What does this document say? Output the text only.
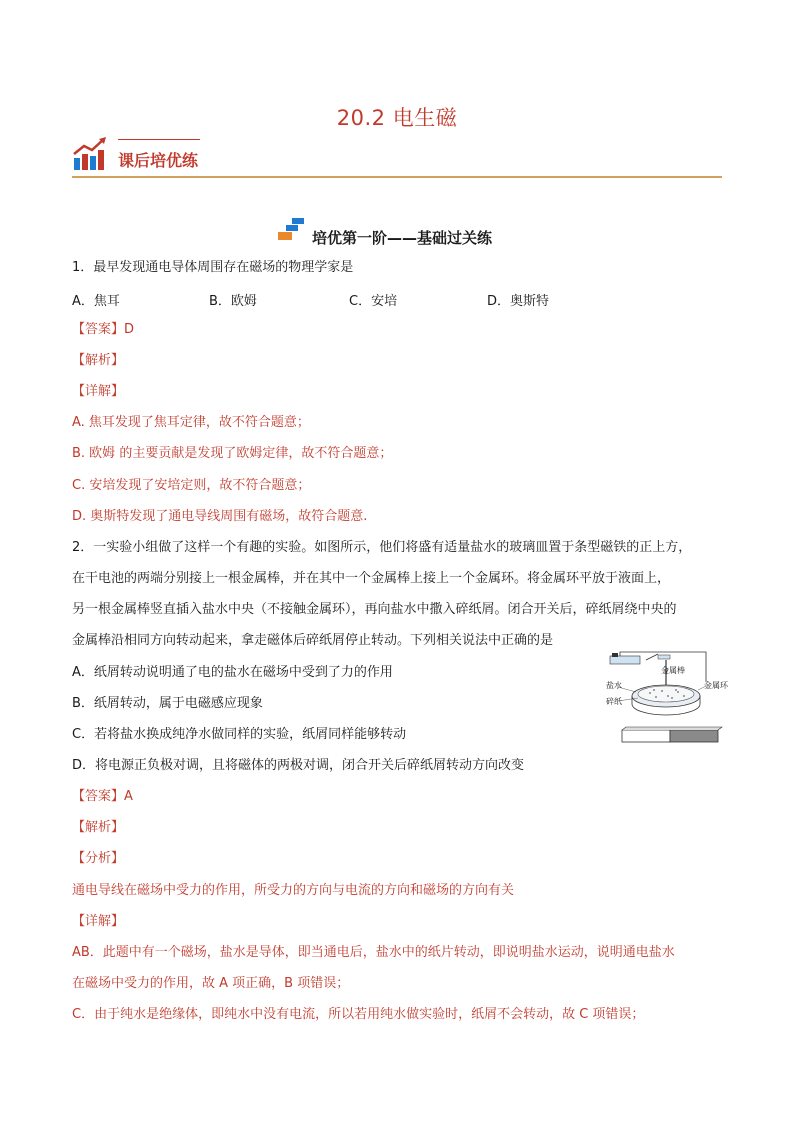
20.2 电生磁
课后培优练
培优第一阶——基础过关练
1．最早发现通电导体周围存在磁场的物理学家是
A．焦耳	B．欧姆	C．安培	D．奥斯特
【答案】D
【解析】
【详解】
A. 焦耳发现了焦耳定律，故不符合题意；
B. 欧姆 的主要贡献是发现了欧姆定律，故不符合题意；
C. 安培发现了安培定则，故不符合题意；
D. 奥斯特发现了通电导线周围有磁场，故符合题意.
2．一实验小组做了这样一个有趣的实验。如图所示，他们将盛有适量盐水的玻璃皿置于条型磁铁的正上方，
在干电池的两端分别接上一根金属棒，并在其中一个金属棒上接上一个金属环。将金属环平放于液面上，
另一根金属棒竖直插入盐水中央（不接触金属环），再向盐水中撒入碎纸屑。闭合开关后，碎纸屑绕中央的
金属棒沿相同方向转动起来，拿走磁体后碎纸屑停止转动。下列相关说法中正确的是
A．纸屑转动说明通了电的盐水在磁场中受到了力的作用
B．纸屑转动，属于电磁感应现象
C．若将盐水换成纯净水做同样的实验，纸屑同样能够转动
D．将电源正负极对调，且将磁体的两极对调，闭合开关后碎纸屑转动方向改变
金属棒
盐水
碎纸
金属环
【答案】A
【解析】
【分析】
通电导线在磁场中受力的作用，所受力的方向与电流的方向和磁场的方向有关
【详解】
AB．此题中有一个磁场，盐水是导体，即当通电后，盐水中的纸片转动，即说明盐水运动，说明通电盐水
在磁场中受力的作用，故 A 项正确，B 项错误；
C．由于纯水是绝缘体，即纯水中没有电流，所以若用纯水做实验时，纸屑不会转动，故 C 项错误；
